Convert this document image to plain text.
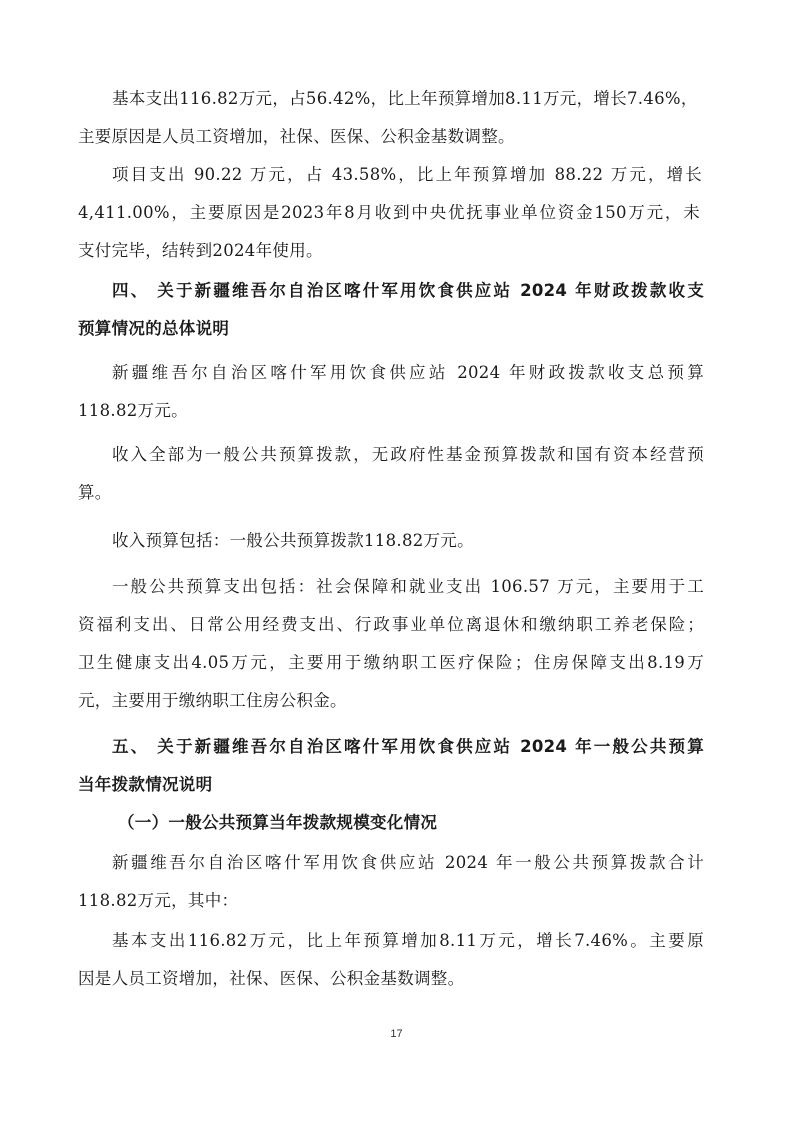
基本支出116.82万元，占56.42%，比上年预算增加8.11万元，增长7.46%，
主要原因是人员工资增加，社保、医保、公积金基数调整。
项目支出 90.22 万元，占 43.58%，比上年预算增加 88.22 万元，增长
4,411.00%，主要原因是2023年8月收到中央优抚事业单位资金150万元，未
支付完毕，结转到2024年使用。
四、 关于新疆维吾尔自治区喀什军用饮食供应站 2024 年财政拨款收支
预算情况的总体说明
新疆维吾尔自治区喀什军用饮食供应站 2024 年财政拨款收支总预算
118.82万元。
收入全部为一般公共预算拨款，无政府性基金预算拨款和国有资本经营预
算。
收入预算包括：一般公共预算拨款118.82万元。
一般公共预算支出包括：社会保障和就业支出 106.57 万元，主要用于工
资福利支出、日常公用经费支出、行政事业单位离退休和缴纳职工养老保险；
卫生健康支出4.05万元，主要用于缴纳职工医疗保险；住房保障支出8.19万
元，主要用于缴纳职工住房公积金。
五、 关于新疆维吾尔自治区喀什军用饮食供应站 2024 年一般公共预算
当年拨款情况说明
（一）一般公共预算当年拨款规模变化情况
新疆维吾尔自治区喀什军用饮食供应站 2024 年一般公共预算拨款合计
118.82万元，其中：
基本支出116.82万元，比上年预算增加8.11万元，增长7.46%。主要原
因是人员工资增加，社保、医保、公积金基数调整。
17
